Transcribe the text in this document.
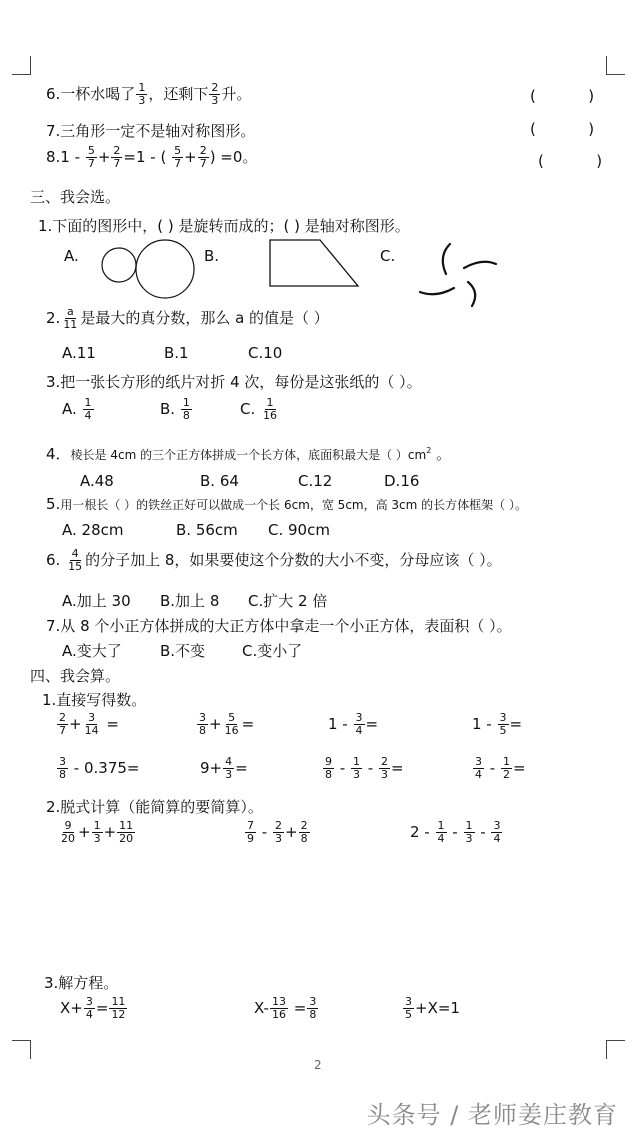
6.一杯水喝了 $\frac{1}{3}$ ，还剩下 $\frac{2}{3}$ 升。	(           )
7.三角形一定不是轴对称图形。	(           )
$8.1 - \frac{5}{7} + \frac{2}{7} =1$ - ( $\frac{5}{7} + \frac{2}{7}$ ) =0。	(           )
三、我会选。
1.下面的图形中，( ) 是旋转而成的；( ) 是轴对称图形。
A.	B.	C.
2. $\frac{a}{11}$ 是最大的真分数，那么 a 的值是（ ）
A.11	B.1	C.10
3.把一张长方形的纸片对折 4 次，每份是这张纸的（ ）。
A. $\frac{1}{4}$	B. $\frac{1}{8}$	C. $\frac{1}{16}$
4．棱长是 4cm 的三个正方体拼成一个长方体，底面积最大是（ ）$cm^2$ 。
A.48	B. 64	C.12	D.16
5.用一根长（ ）的铁丝正好可以做成一个长 6cm，宽 5cm，高 3cm 的长方体框架（ ）。
A. 28cm	B. 56cm C. 90cm
6. $\frac{4}{15}$ 的分子加上 8，如果要使这个分数的大小不变，分母应该（ ）。
A.加上 30 B.加上 8 C.扩大 2 倍
7.从 8 个小正方体拼成的大正方体中拿走一个小正方体，表面积（ ）。
A.变大了	B.不变 C.变小了
四、我会算。
1.直接写得数。
$\frac{2}{7} + \frac{3}{14}$ =	$\frac{3}{8} + \frac{5}{16}$ =	$1 - \frac{3}{4}$ =	$1 - \frac{3}{5}$ =
$\frac{3}{8} - 0.375=$	$9+ \frac{4}{3}$ =	$\frac{9}{8} - \frac{1}{3} - \frac{2}{3}$ =	$\frac{3}{4} - \frac{1}{2}$ =
2.脱式计算（能简算的要简算）。
$\frac{9}{20} + \frac{1}{3} + \frac{11}{20}$	$\frac{7}{9} - \frac{2}{3} + \frac{2}{8}$	$2 - \frac{1}{4} - \frac{1}{3} - \frac{3}{4}$
3.解方程。
$X+ \frac{3}{4} = \frac{11}{12}$	$X- \frac{13}{16} = \frac{3}{8}$	$\frac{3}{5} +X=1$
2
头条号 / 老师姜庄教育
